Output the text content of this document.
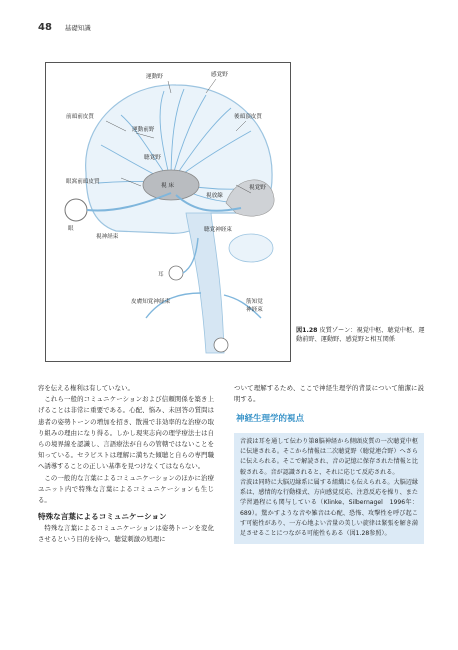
48 基礎知識
運動野	感覚野
前頭前皮質	後頭頂皮質
運動前野
聴覚野
眼窩前頭皮質
視 床	視覚野
視放線
眼
視神経束
聴覚神経束
耳
皮膚知覚神経束	筋知覚
神経束
図1.28 皮質ゾーン：視覚中枢、聴覚中枢、運動前野、運動野、感覚野と相互関係

容を伝える権利は有していない。

これら一般的コミュニケーションおよび信頼関係を築き上げることは非常に重要である。心配、悩み、未回答の質問は患者の姿勢トーンの増加を招き、散漫で非効率的な治療の取り組みの理由になり得る。しかし現実志向の理学療法士は自らの境界線を認識し、言語療法が自らの管轄ではないことを知っている。セラピストは理解に満ちた傾聴と自らの専門職へ誘導することの正しい基準を見つけなくてはならない。

この一般的な言葉によるコミュニケーションのほかに治療ユニット内で特殊な言葉によるコミュニケーションも生じる。

特殊な言葉によるコミュニケーション

特殊な言葉によるコミュニケーションは姿勢トーンを変化させるという目的を持つ。聴覚刺激の処理に

ついて理解するため、ここで神経生理学的背景について簡潔に説明する。

神経生理学的視点

音波は耳を通して伝わり第8脳神経から側頭皮質の一次聴覚中枢に伝達される。そこから情報は二次聴覚野（聴覚連合野）へさらに伝えられる。そこで解読され、音の記憶に保存された情報と比較される。音が認識されると、それに応じて反応される。

音波は同時に大脳辺縁系に属する組織にも伝えられる。大脳辺縁系は、感情的な行動様式、方向感覚反応、注意反応を操り、また学習過程にも関与している（Klinke、Silbernagel　1996年：689）。驚かすような音や雑音は心配、恐怖、攻撃性を呼び起こす可能性があり、一方心地よい音量の美しい旋律は緊張を解き満足させることにつながる可能性もある（図1.28参照）。
